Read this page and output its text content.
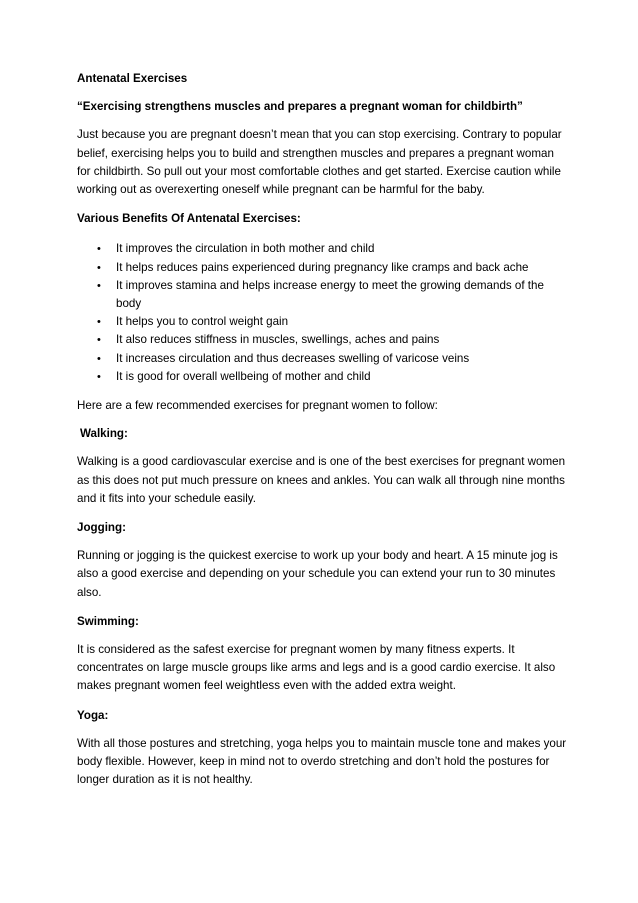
Antenatal Exercises

“Exercising strengthens muscles and prepares a pregnant woman for childbirth”

Just because you are pregnant doesn’t mean that you can stop exercising. Contrary to popular belief, exercising helps you to build and strengthen muscles and prepares a pregnant woman for childbirth. So pull out your most comfortable clothes and get started. Exercise caution while working out as overexerting oneself while pregnant can be harmful for the baby.

Various Benefits Of Antenatal Exercises:

• It improves the circulation in both mother and child
• It helps reduces pains experienced during pregnancy like cramps and back ache
• It improves stamina and helps increase energy to meet the growing demands of the body
• It helps you to control weight gain
• It also reduces stiffness in muscles, swellings, aches and pains
• It increases circulation and thus decreases swelling of varicose veins
• It is good for overall wellbeing of mother and child

Here are a few recommended exercises for pregnant women to follow:

Walking:

Walking is a good cardiovascular exercise and is one of the best exercises for pregnant women as this does not put much pressure on knees and ankles. You can walk all through nine months and it fits into your schedule easily.

Jogging:

Running or jogging is the quickest exercise to work up your body and heart. A 15 minute jog is also a good exercise and depending on your schedule you can extend your run to 30 minutes also.

Swimming:

It is considered as the safest exercise for pregnant women by many fitness experts. It concentrates on large muscle groups like arms and legs and is a good cardio exercise. It also makes pregnant women feel weightless even with the added extra weight.

Yoga:

With all those postures and stretching, yoga helps you to maintain muscle tone and makes your body flexible. However, keep in mind not to overdo stretching and don’t hold the postures for longer duration as it is not healthy.
